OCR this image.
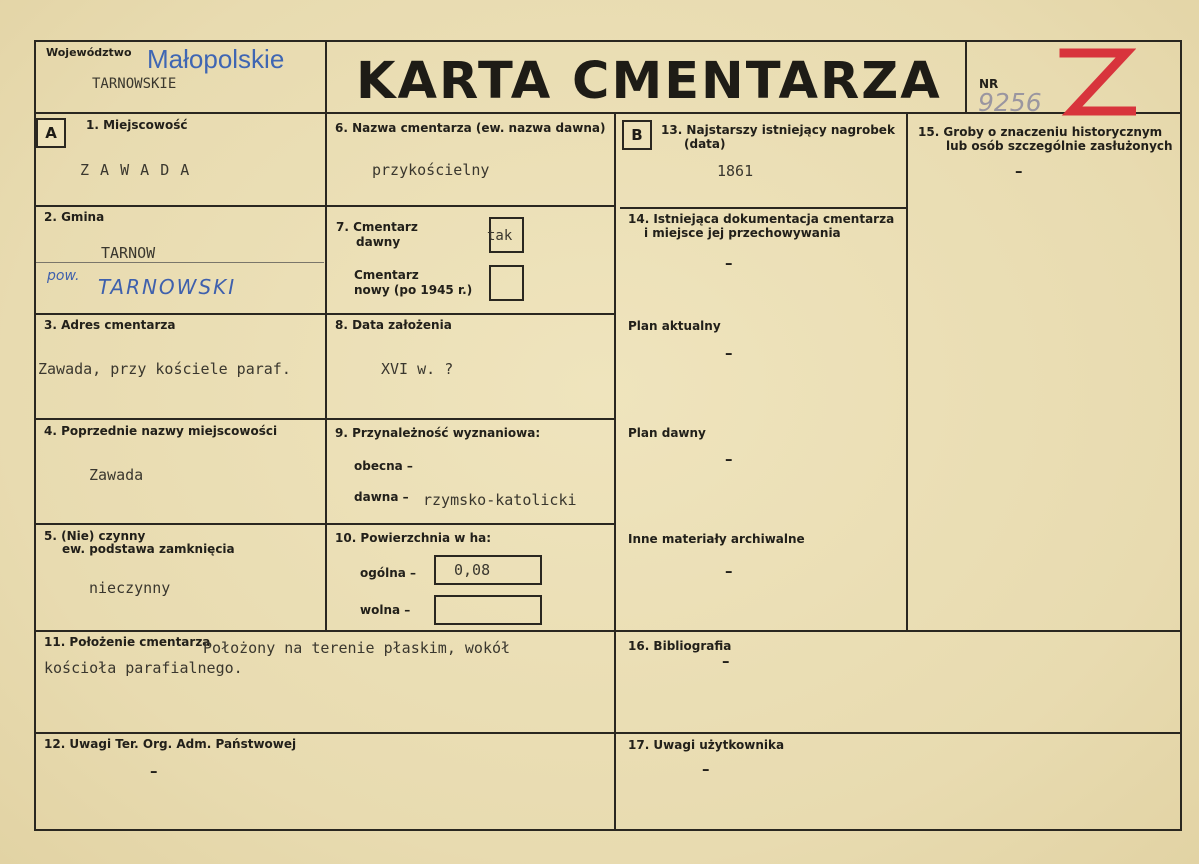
Województwo Małopolskie
TARNOWSKIE	KARTA CMENTARZA	NR
9256
A	B
1. Miejscowość
Z A W A D A
2. Gmina
TARNOW
pow. TARNOWSKI
3. Adres cmentarza
Zawada, przy kościele paraf.
4. Poprzednie nazwy miejscowości
Zawada
5. (Nie) czynny
ew. podstawa zamknięcia
nieczynny
6. Nazwa cmentarza (ew. nazwa dawna)
przykościelny
7. Cmentarz
dawny	tak
Cmentarz
nowy (po 1945 r.)
8. Data założenia
XVI w. ?
9. Przynależność wyznaniowa:
obecna –
dawna – rzymsko-katolicki
10. Powierzchnia w ha:
ogólna –	0,08
wolna –
11. Położenie cmentarza
Położony na terenie płaskim, wokół
kościoła parafialnego.
12. Uwagi Ter. Org. Adm. Państwowej
–
13. Najstarszy istniejący nagrobek
(data)
1861
14. Istniejąca dokumentacja cmentarza
i miejsce jej przechowywania
–
Plan aktualny
–
Plan dawny
–
Inne materiały archiwalne
–
15. Groby o znaczeniu historycznym
lub osób szczególnie zasłużonych
–
16. Bibliografia
–
17. Uwagi użytkownika
–
